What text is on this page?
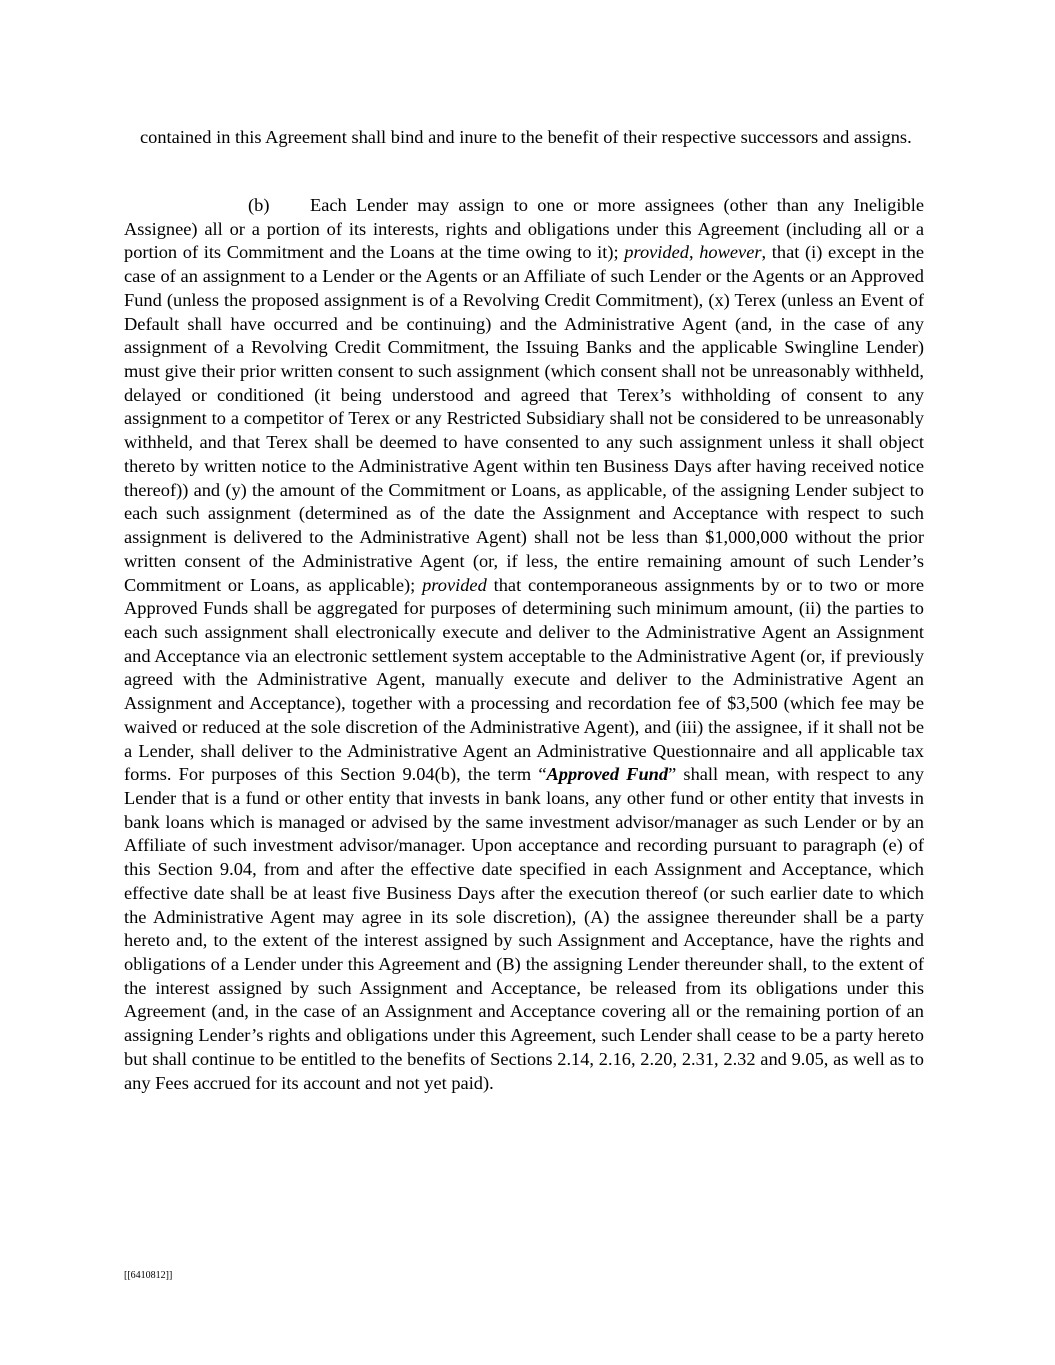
contained in this Agreement shall bind and inure to the benefit of their respective successors and assigns.

(b) Each Lender may assign to one or more assignees (other than any Ineligible Assignee) all or a portion of its interests, rights and obligations under this Agreement (including all or a portion of its Commitment and the Loans at the time owing to it); provided, however, that (i) except in the case of an assignment to a Lender or the Agents or an Affiliate of such Lender or the Agents or an Approved Fund (unless the proposed assignment is of a Revolving Credit Commitment), (x) Terex (unless an Event of Default shall have occurred and be continuing) and the Administrative Agent (and, in the case of any assignment of a Revolving Credit Commitment, the Issuing Banks and the applicable Swingline Lender) must give their prior written consent to such assignment (which consent shall not be unreasonably withheld, delayed or conditioned (it being understood and agreed that Terex’s withholding of consent to any assignment to a competitor of Terex or any Restricted Subsidiary shall not be considered to be unreasonably withheld, and that Terex shall be deemed to have consented to any such assignment unless it shall object thereto by written notice to the Administrative Agent within ten Business Days after having received notice thereof)) and (y) the amount of the Commitment or Loans, as applicable, of the assigning Lender subject to each such assignment (determined as of the date the Assignment and Acceptance with respect to such assignment is delivered to the Administrative Agent) shall not be less than $1,000,000 without the prior written consent of the Administrative Agent (or, if less, the entire remaining amount of such Lender’s Commitment or Loans, as applicable); provided that contemporaneous assignments by or to two or more Approved Funds shall be aggregated for purposes of determining such minimum amount, (ii) the parties to each such assignment shall electronically execute and deliver to the Administrative Agent an Assignment and Acceptance via an electronic settlement system acceptable to the Administrative Agent (or, if previously agreed with the Administrative Agent, manually execute and deliver to the Administrative Agent an Assignment and Acceptance), together with a processing and recordation fee of $3,500 (which fee may be waived or reduced at the sole discretion of the Administrative Agent), and (iii) the assignee, if it shall not be a Lender, shall deliver to the Administrative Agent an Administrative Questionnaire and all applicable tax forms. For purposes of this Section 9.04(b), the term “Approved Fund” shall mean, with respect to any Lender that is a fund or other entity that invests in bank loans, any other fund or other entity that invests in bank loans which is managed or advised by the same investment advisor/manager as such Lender or by an Affiliate of such investment advisor/manager. Upon acceptance and recording pursuant to paragraph (e) of this Section 9.04, from and after the effective date specified in each Assignment and Acceptance, which effective date shall be at least five Business Days after the execution thereof (or such earlier date to which the Administrative Agent may agree in its sole discretion), (A) the assignee thereunder shall be a party hereto and, to the extent of the interest assigned by such Assignment and Acceptance, have the rights and obligations of a Lender under this Agreement and (B) the assigning Lender thereunder shall, to the extent of the interest assigned by such Assignment and Acceptance, be released from its obligations under this Agreement (and, in the case of an Assignment and Acceptance covering all or the remaining portion of an assigning Lender’s rights and obligations under this Agreement, such Lender shall cease to be a party hereto but shall continue to be entitled to the benefits of Sections 2.14, 2.16, 2.20, 2.31, 2.32 and 9.05, as well as to any Fees accrued for its account and not yet paid).

[[6410812]]
